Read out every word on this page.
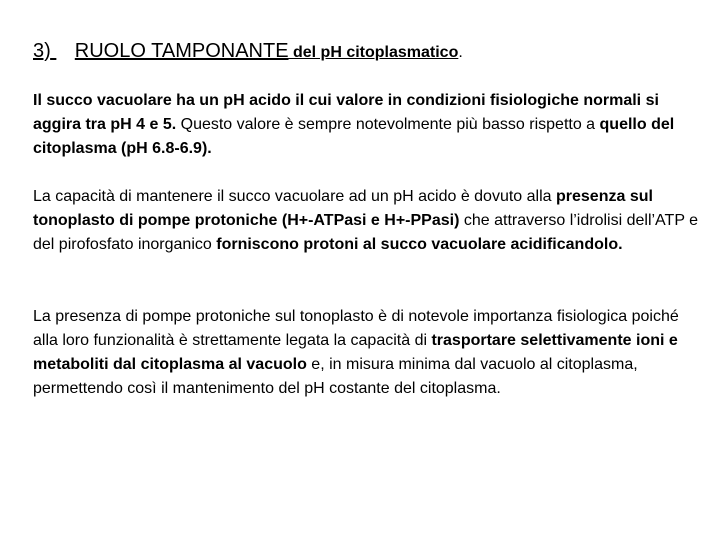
3) RUOLO TAMPONANTE del pH citoplasmatico.

Il succo vacuolare ha un pH acido il cui valore in condizioni fisiologiche normali si aggira tra pH 4 e 5. Questo valore è sempre notevolmente più basso rispetto a quello del citoplasma (pH 6.8-6.9).

La capacità di mantenere il succo vacuolare ad un pH acido è dovuto alla presenza sul tonoplasto di pompe protoniche (H+-ATPasi e H+-PPasi) che attraverso l’idrolisi dell’ATP e del pirofosfato inorganico forniscono protoni al succo vacuolare acidificandolo.

La presenza di pompe protoniche sul tonoplasto è di notevole importanza fisiologica poiché alla loro funzionalità è strettamente legata la capacità di trasportare selettivamente ioni e metaboliti dal citoplasma al vacuolo e, in misura minima dal vacuolo al citoplasma, permettendo così il mantenimento del pH costante del citoplasma.
